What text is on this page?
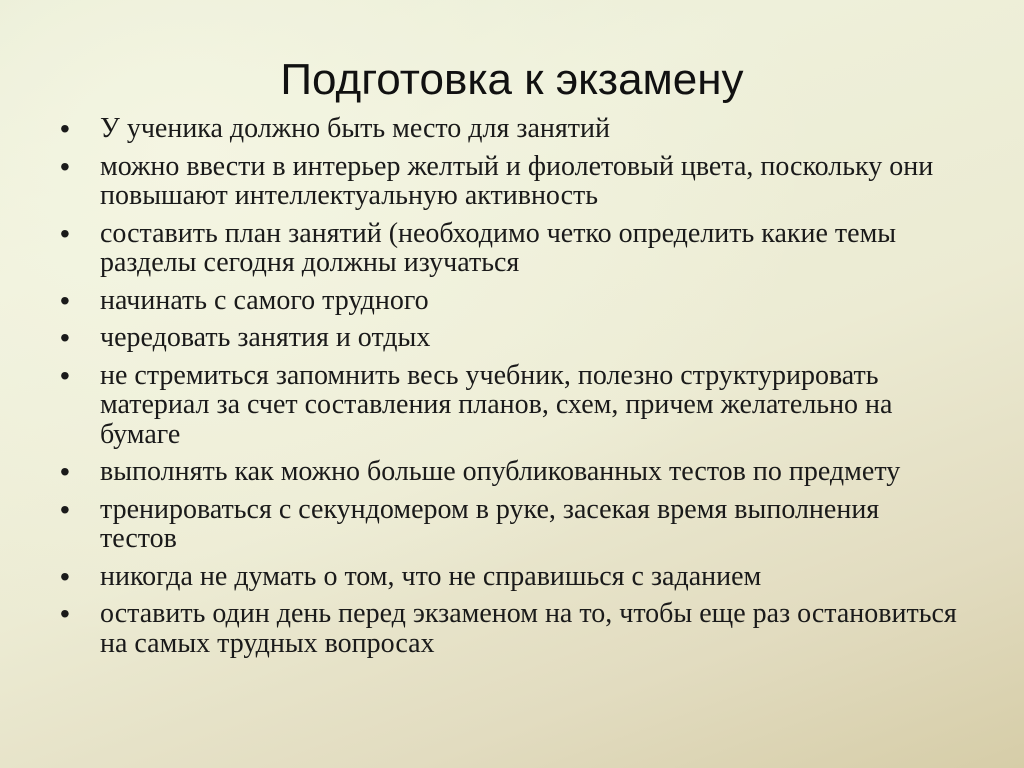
Подготовка к экзамену
•	У ученика должно быть место для занятий
•	можно ввести в интерьер желтый и фиолетовый цвета, поскольку они повышают интеллектуальную активность
•	составить план занятий (необходимо четко определить какие темы разделы сегодня должны изучаться
•	начинать с самого трудного
•	чередовать занятия и отдых
•	не стремиться запомнить весь учебник, полезно структурировать материал за счет составления планов, схем, причем желательно на бумаге
•	выполнять как можно больше опубликованных тестов по предмету
•	тренироваться с секундомером в руке, засекая время выполнения тестов
•	никогда не думать о том, что не справишься с заданием
•	оставить один день перед экзаменом на то, чтобы еще раз остановиться на самых трудных вопросах
